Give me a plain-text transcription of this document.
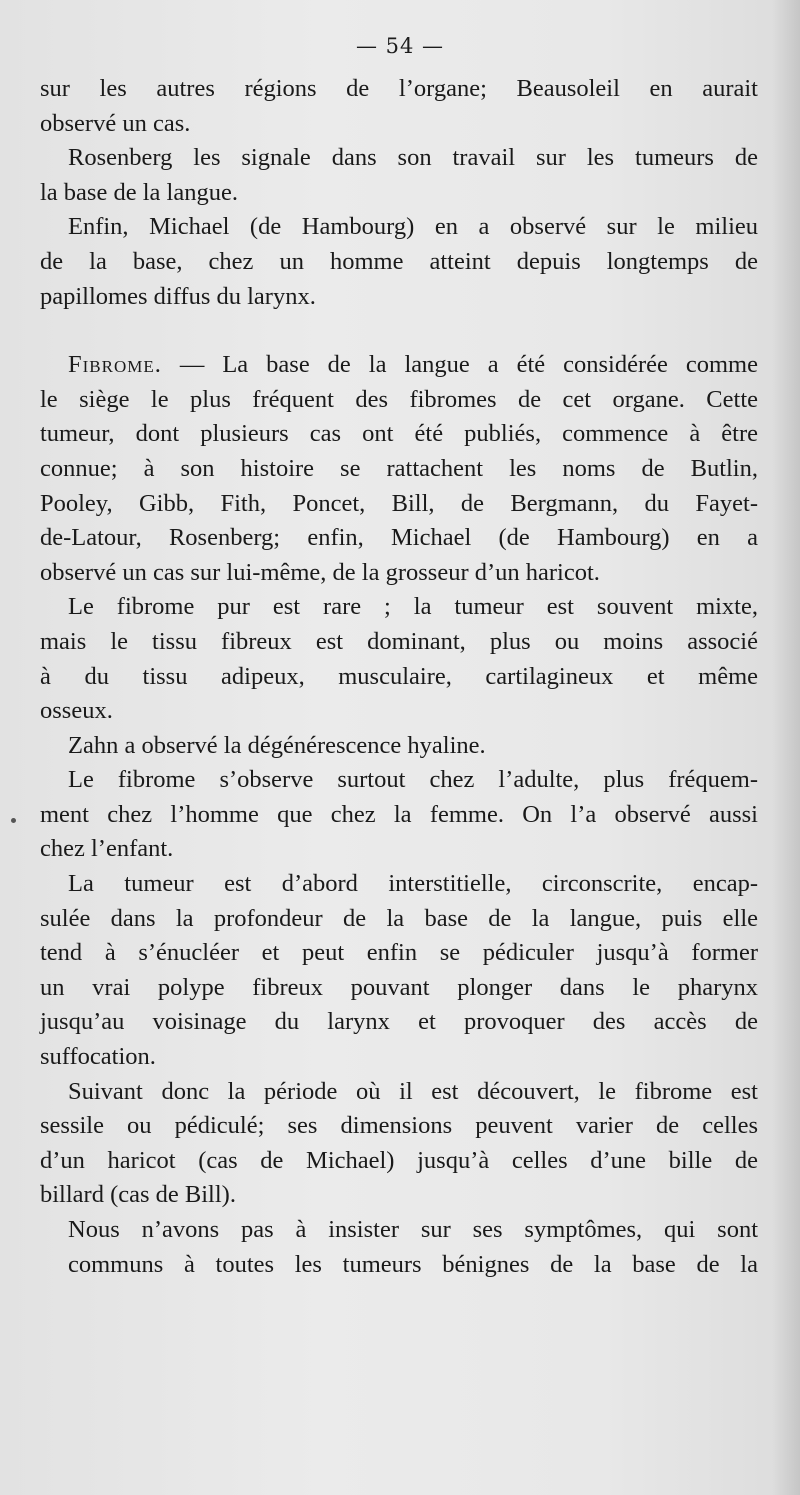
— 54 —
sur les autres régions de l’organe; Beausoleil en aurait
observé un cas.
Rosenberg les signale dans son travail sur les tumeurs de
la base de la langue.
Enfin, Michael (de Hambourg) en a observé sur le milieu
de la base, chez un homme atteint depuis longtemps de
papillomes diffus du larynx.
Fibrome. — La base de la langue a été considérée comme
le siège le plus fréquent des fibromes de cet organe. Cette
tumeur, dont plusieurs cas ont été publiés, commence à être
connue; à son histoire se rattachent les noms de Butlin,
Pooley, Gibb, Fith, Poncet, Bill, de Bergmann, du Fayet-
de-Latour, Rosenberg; enfin, Michael (de Hambourg) en a
observé un cas sur lui-même, de la grosseur d’un haricot.
Le fibrome pur est rare ; la tumeur est souvent mixte,
mais le tissu fibreux est dominant, plus ou moins associé
à du tissu adipeux, musculaire, cartilagineux et même
osseux.
Zahn a observé la dégénérescence hyaline.
Le fibrome s’observe surtout chez l’adulte, plus fréquem-
ment chez l’homme que chez la femme. On l’a observé aussi
chez l’enfant.
La tumeur est d’abord interstitielle, circonscrite, encap-
sulée dans la profondeur de la base de la langue, puis elle
tend à s’énucléer et peut enfin se pédiculer jusqu’à former
un vrai polype fibreux pouvant plonger dans le pharynx
jusqu’au voisinage du larynx et provoquer des accès de
suffocation.
Suivant donc la période où il est découvert, le fibrome est
sessile ou pédiculé; ses dimensions peuvent varier de celles
d’un haricot (cas de Michael) jusqu’à celles d’une bille de
billard (cas de Bill).
Nous n’avons pas à insister sur ses symptômes, qui sont
communs à toutes les tumeurs bénignes de la base de la
